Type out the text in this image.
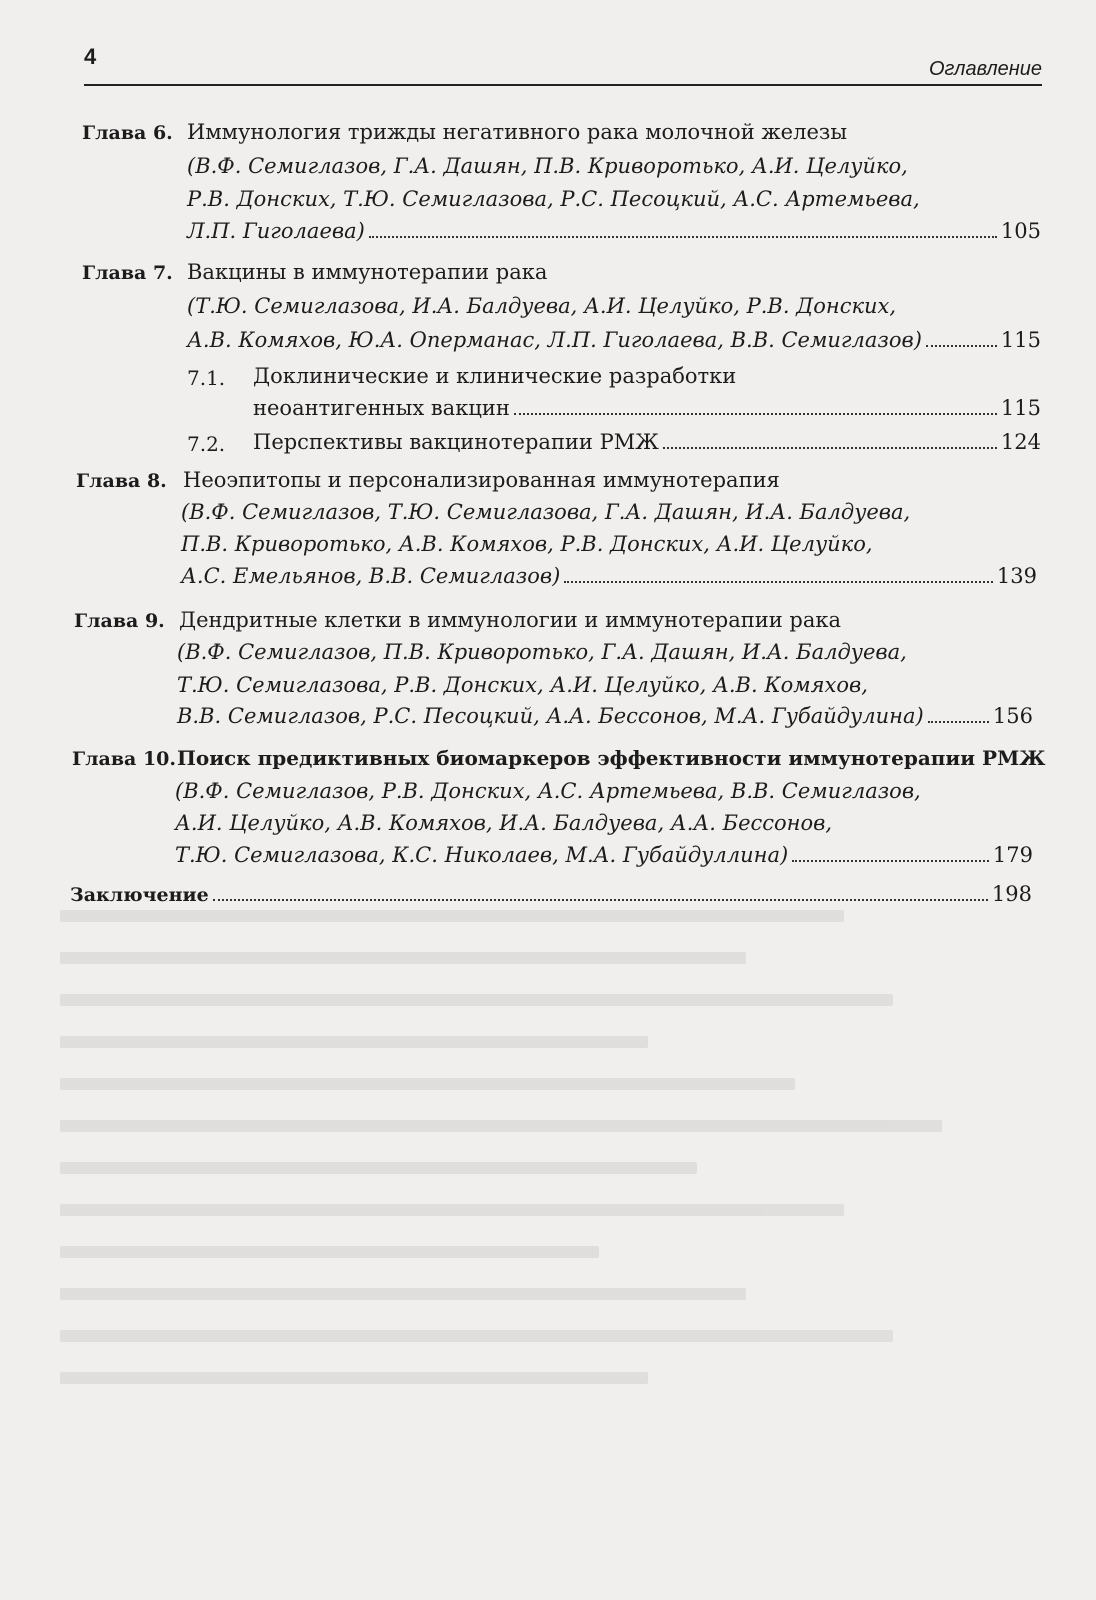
4	Оглавление
Глава 6. Иммунология трижды негативного рака молочной железы
(В.Ф. Семиглазов, Г.А. Дашян, П.В. Криворотько, А.И. Целуйко,
Р.В. Донских, Т.Ю. Семиглазова, Р.С. Песоцкий, А.С. Артемьева,
Л.П. Гиголаева)	105
Глава 7. Вакцины в иммунотерапии рака
(Т.Ю. Семиглазова, И.А. Балдуева, А.И. Целуйко, Р.В. Донских,
А.В. Комяхов, Ю.А. Оперманас, Л.П. Гиголаева, В.В. Семиглазов)	115
7.1. Доклинические и клинические разработки
неоантигенных вакцин	115
7.2. Перспективы вакцинотерапии РМЖ	124
Глава 8. Неоэпитопы и персонализированная иммунотерапия
(В.Ф. Семиглазов, Т.Ю. Семиглазова, Г.А. Дашян, И.А. Балдуева,
П.В. Криворотько, А.В. Комяхов, Р.В. Донских, А.И. Целуйко,
А.С. Емельянов, В.В. Семиглазов)	139
Глава 9. Дендритные клетки в иммунологии и иммунотерапии рака
(В.Ф. Семиглазов, П.В. Криворотько, Г.А. Дашян, И.А. Балдуева,
Т.Ю. Семиглазова, Р.В. Донских, А.И. Целуйко, А.В. Комяхов,
В.В. Семиглазов, Р.С. Песоцкий, А.А. Бессонов, М.А. Губайдулина)	156
Глава 10. Поиск предиктивных биомаркеров эффективности иммунотерапии РМЖ
(В.Ф. Семиглазов, Р.В. Донских, А.С. Артемьева, В.В. Семиглазов,
А.И. Целуйко, А.В. Комяхов, И.А. Балдуева, А.А. Бессонов,
Т.Ю. Семиглазова, К.С. Николаев, М.А. Губайдуллина)	179
Заключение	198
